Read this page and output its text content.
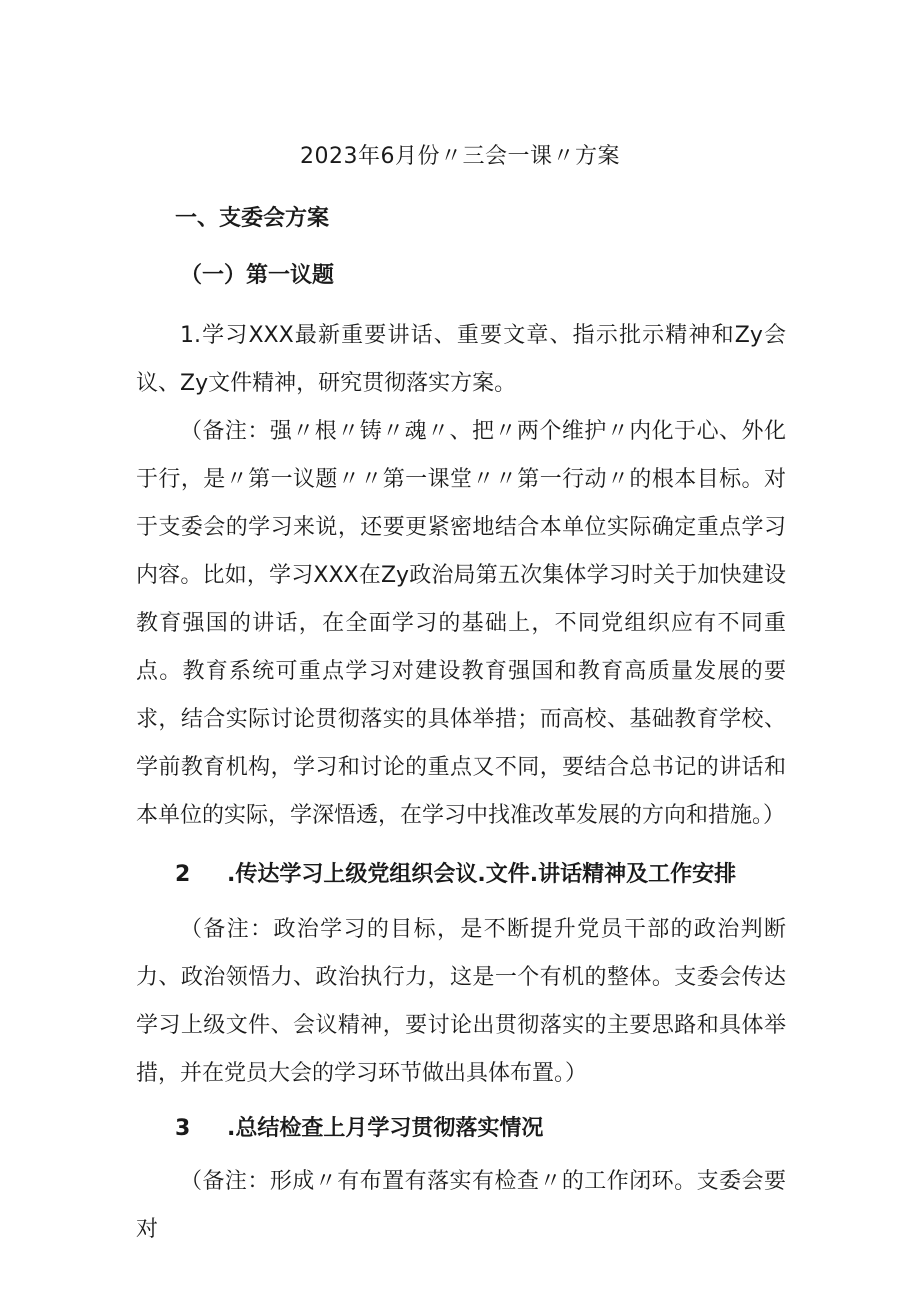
2023年6月份〃三会一课〃方案
一、支委会方案
（一）第一议题
1.学习XXX最新重要讲话、重要文章、指示批示精神和Zy会议、Zy文件精神，研究贯彻落实方案。
（备注：强〃根〃铸〃魂〃、把〃两个维护〃内化于心、外化于行，是〃第一议题〃〃第一课堂〃〃第一行动〃的根本目标。对于支委会的学习来说，还要更紧密地结合本单位实际确定重点学习内容。比如，学习XXX在Zy政治局第五次集体学习时关于加快建设教育强国的讲话，在全面学习的基础上，不同党组织应有不同重点。教育系统可重点学习对建设教育强国和教育高质量发展的要求，结合实际讨论贯彻落实的具体举措；而高校、基础教育学校、学前教育机构，学习和讨论的重点又不同，要结合总书记的讲话和本单位的实际，学深悟透，在学习中找准改革发展的方向和措施。）
2 .传达学习上级党组织会议.文件.讲话精神及工作安排
（备注：政治学习的目标，是不断提升党员干部的政治判断力、政治领悟力、政治执行力，这是一个有机的整体。支委会传达学习上级文件、会议精神，要讨论出贯彻落实的主要思路和具体举措，并在党员大会的学习环节做出具体布置。）
3 .总结检查上月学习贯彻落实情况
（备注：形成〃有布置有落实有检查〃的工作闭环。支委会要对
